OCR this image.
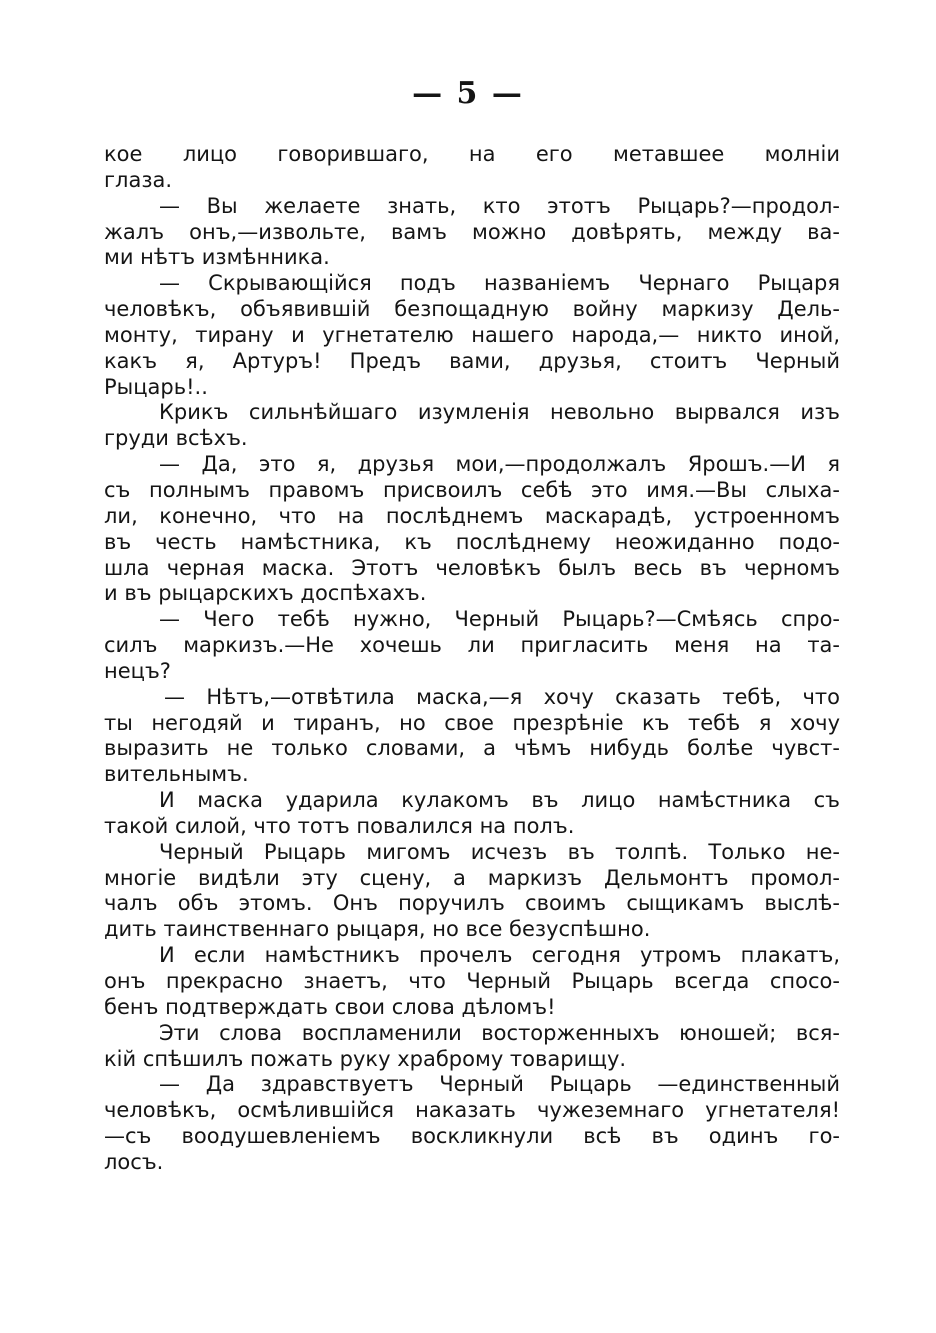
— 5 —
кое лицо говорившаго, на его метавшее молнiи
глаза.
— Вы желаете знать, кто этотъ Рыцарь?—продол-
жалъ онъ,—извольте, вамъ можно довѣрять, между ва-
ми нѣтъ измѣнника.
— Скрывающiйся подъ названiемъ Чернаго Рыцаря
человѣкъ, объявившiй безпощадную войну маркизу Дель-
монту, тирану и угнетателю нашего народа,— никто иной,
какъ я, Артуръ! Предъ вами, друзья, стоитъ Черный
Рыцарь!..
Крикъ сильнѣйшаго изумленiя невольно вырвался изъ
груди всѣхъ.
— Да, это я, друзья мои,—продолжалъ Ярошъ.—И я
съ полнымъ правомъ присвоилъ себѣ это имя.—Вы слыха-
ли, конечно, что на послѣднемъ маскарадѣ, устроенномъ
въ честь намѣстника, къ послѣднему неожиданно подо-
шла черная маска. Этотъ человѣкъ былъ весь въ черномъ
и въ рыцарскихъ доспѣхахъ.
— Чего тебѣ нужно, Черный Рыцарь?—Смѣясь спро-
силъ маркизъ.—Не хочешь ли пригласить меня на та-
нецъ?
— Нѣтъ,—отвѣтила маска,—я хочу сказать тебѣ, что
ты негодяй и тиранъ, но свое презрѣнiе къ тебѣ я хочу
выразить не только словами, а чѣмъ нибудь болѣе чувст-
вительнымъ.
И маска ударила кулакомъ въ лицо намѣстника съ
такой силой, что тотъ повалился на полъ.
Черный Рыцарь мигомъ исчезъ въ толпѣ. Только не-
многiе видѣли эту сцену, а маркизъ Дельмонтъ промол-
чалъ объ этомъ. Онъ поручилъ своимъ сыщикамъ выслѣ-
дить таинственнаго рыцаря, но все безуспѣшно.
И если намѣстникъ прочелъ сегодня утромъ плакатъ,
онъ прекрасно знаетъ, что Черный Рыцарь всегда спосо-
бенъ подтверждать свои слова дѣломъ!
Эти слова воспламенили восторженныхъ юношей; вся-
кiй спѣшилъ пожать руку храброму товарищу.
— Да здравствуетъ Черный Рыцарь —единственный
человѣкъ, осмѣлившiйся наказать чужеземнаго угнетателя!
—съ воодушевленiемъ воскликнули всѣ въ одинъ го-
лосъ.
